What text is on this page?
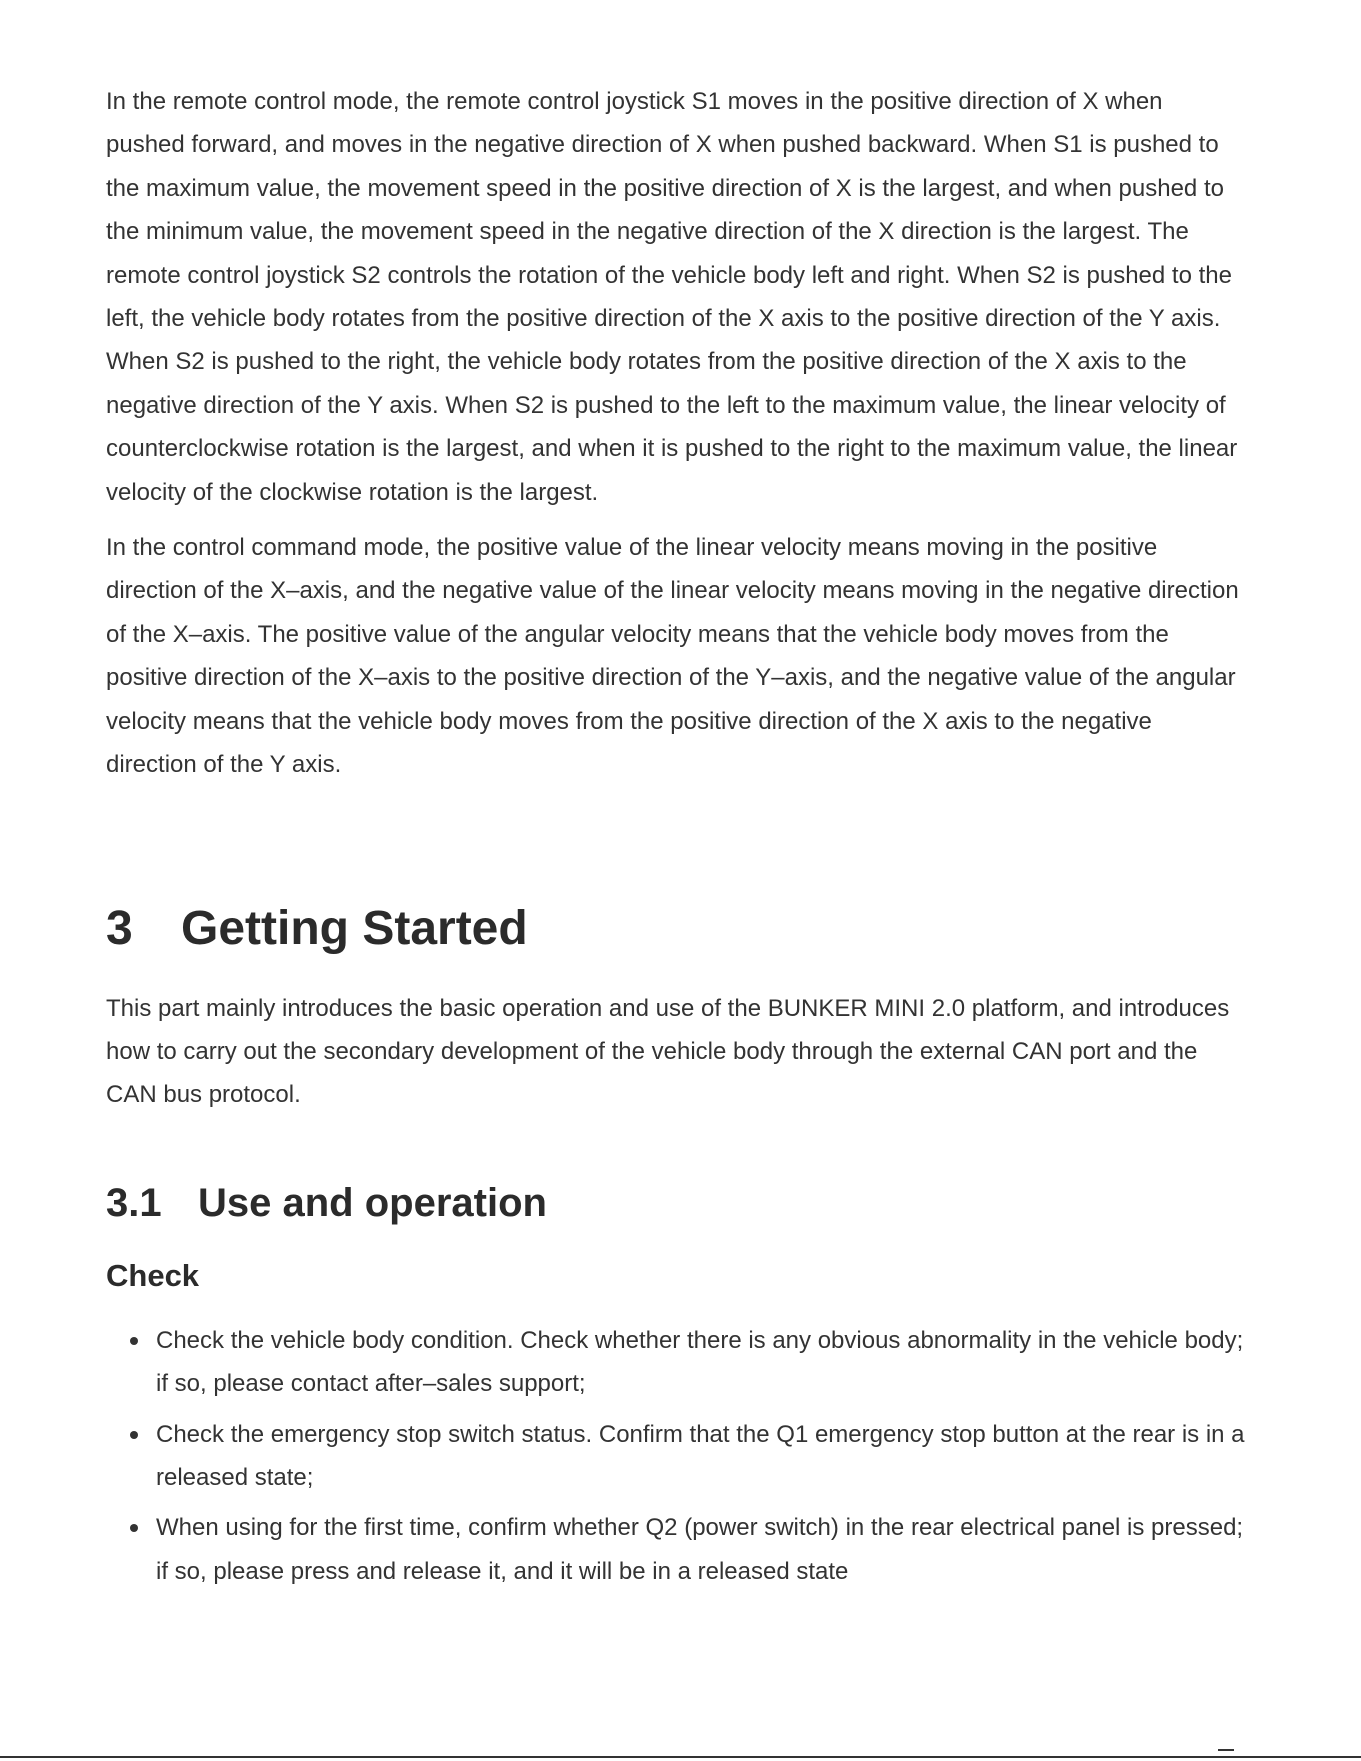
In the remote control mode, the remote control joystick S1 moves in the positive direction of X when pushed forward, and moves in the negative direction of X when pushed backward. When S1 is pushed to the maximum value, the movement speed in the positive direction of X is the largest, and when pushed to the minimum value, the movement speed in the negative direction of the X direction is the largest. The remote control joystick S2 controls the rotation of the vehicle body left and right. When S2 is pushed to the left, the vehicle body rotates from the positive direction of the X axis to the positive direction of the Y axis. When S2 is pushed to the right, the vehicle body rotates from the positive direction of the X axis to the negative direction of the Y axis. When S2 is pushed to the left to the maximum value, the linear velocity of counterclockwise rotation is the largest, and when it is pushed to the right to the maximum value, the linear velocity of the clockwise rotation is the largest.

In the control command mode, the positive value of the linear velocity means moving in the positive direction of the X–axis, and the negative value of the linear velocity means moving in the negative direction of the X–axis. The positive value of the angular velocity means that the vehicle body moves from the positive direction of the X–axis to the positive direction of the Y–axis, and the negative value of the angular velocity means that the vehicle body moves from the positive direction of the X axis to the negative direction of the Y axis.

3	Getting Started

This part mainly introduces the basic operation and use of the BUNKER MINI 2.0 platform, and introduces how to carry out the secondary development of the vehicle body through the external CAN port and the CAN bus protocol.

3.1 Use and operation
Check
Check the vehicle body condition. Check whether there is any obvious abnormality in the vehicle body; if so, please contact after–sales support;
Check the emergency stop switch status. Confirm that the Q1 emergency stop button at the rear is in a released state;
When using for the first time, confirm whether Q2 (power switch) in the rear electrical panel is pressed; if so, please press and release it, and it will be in a released state
